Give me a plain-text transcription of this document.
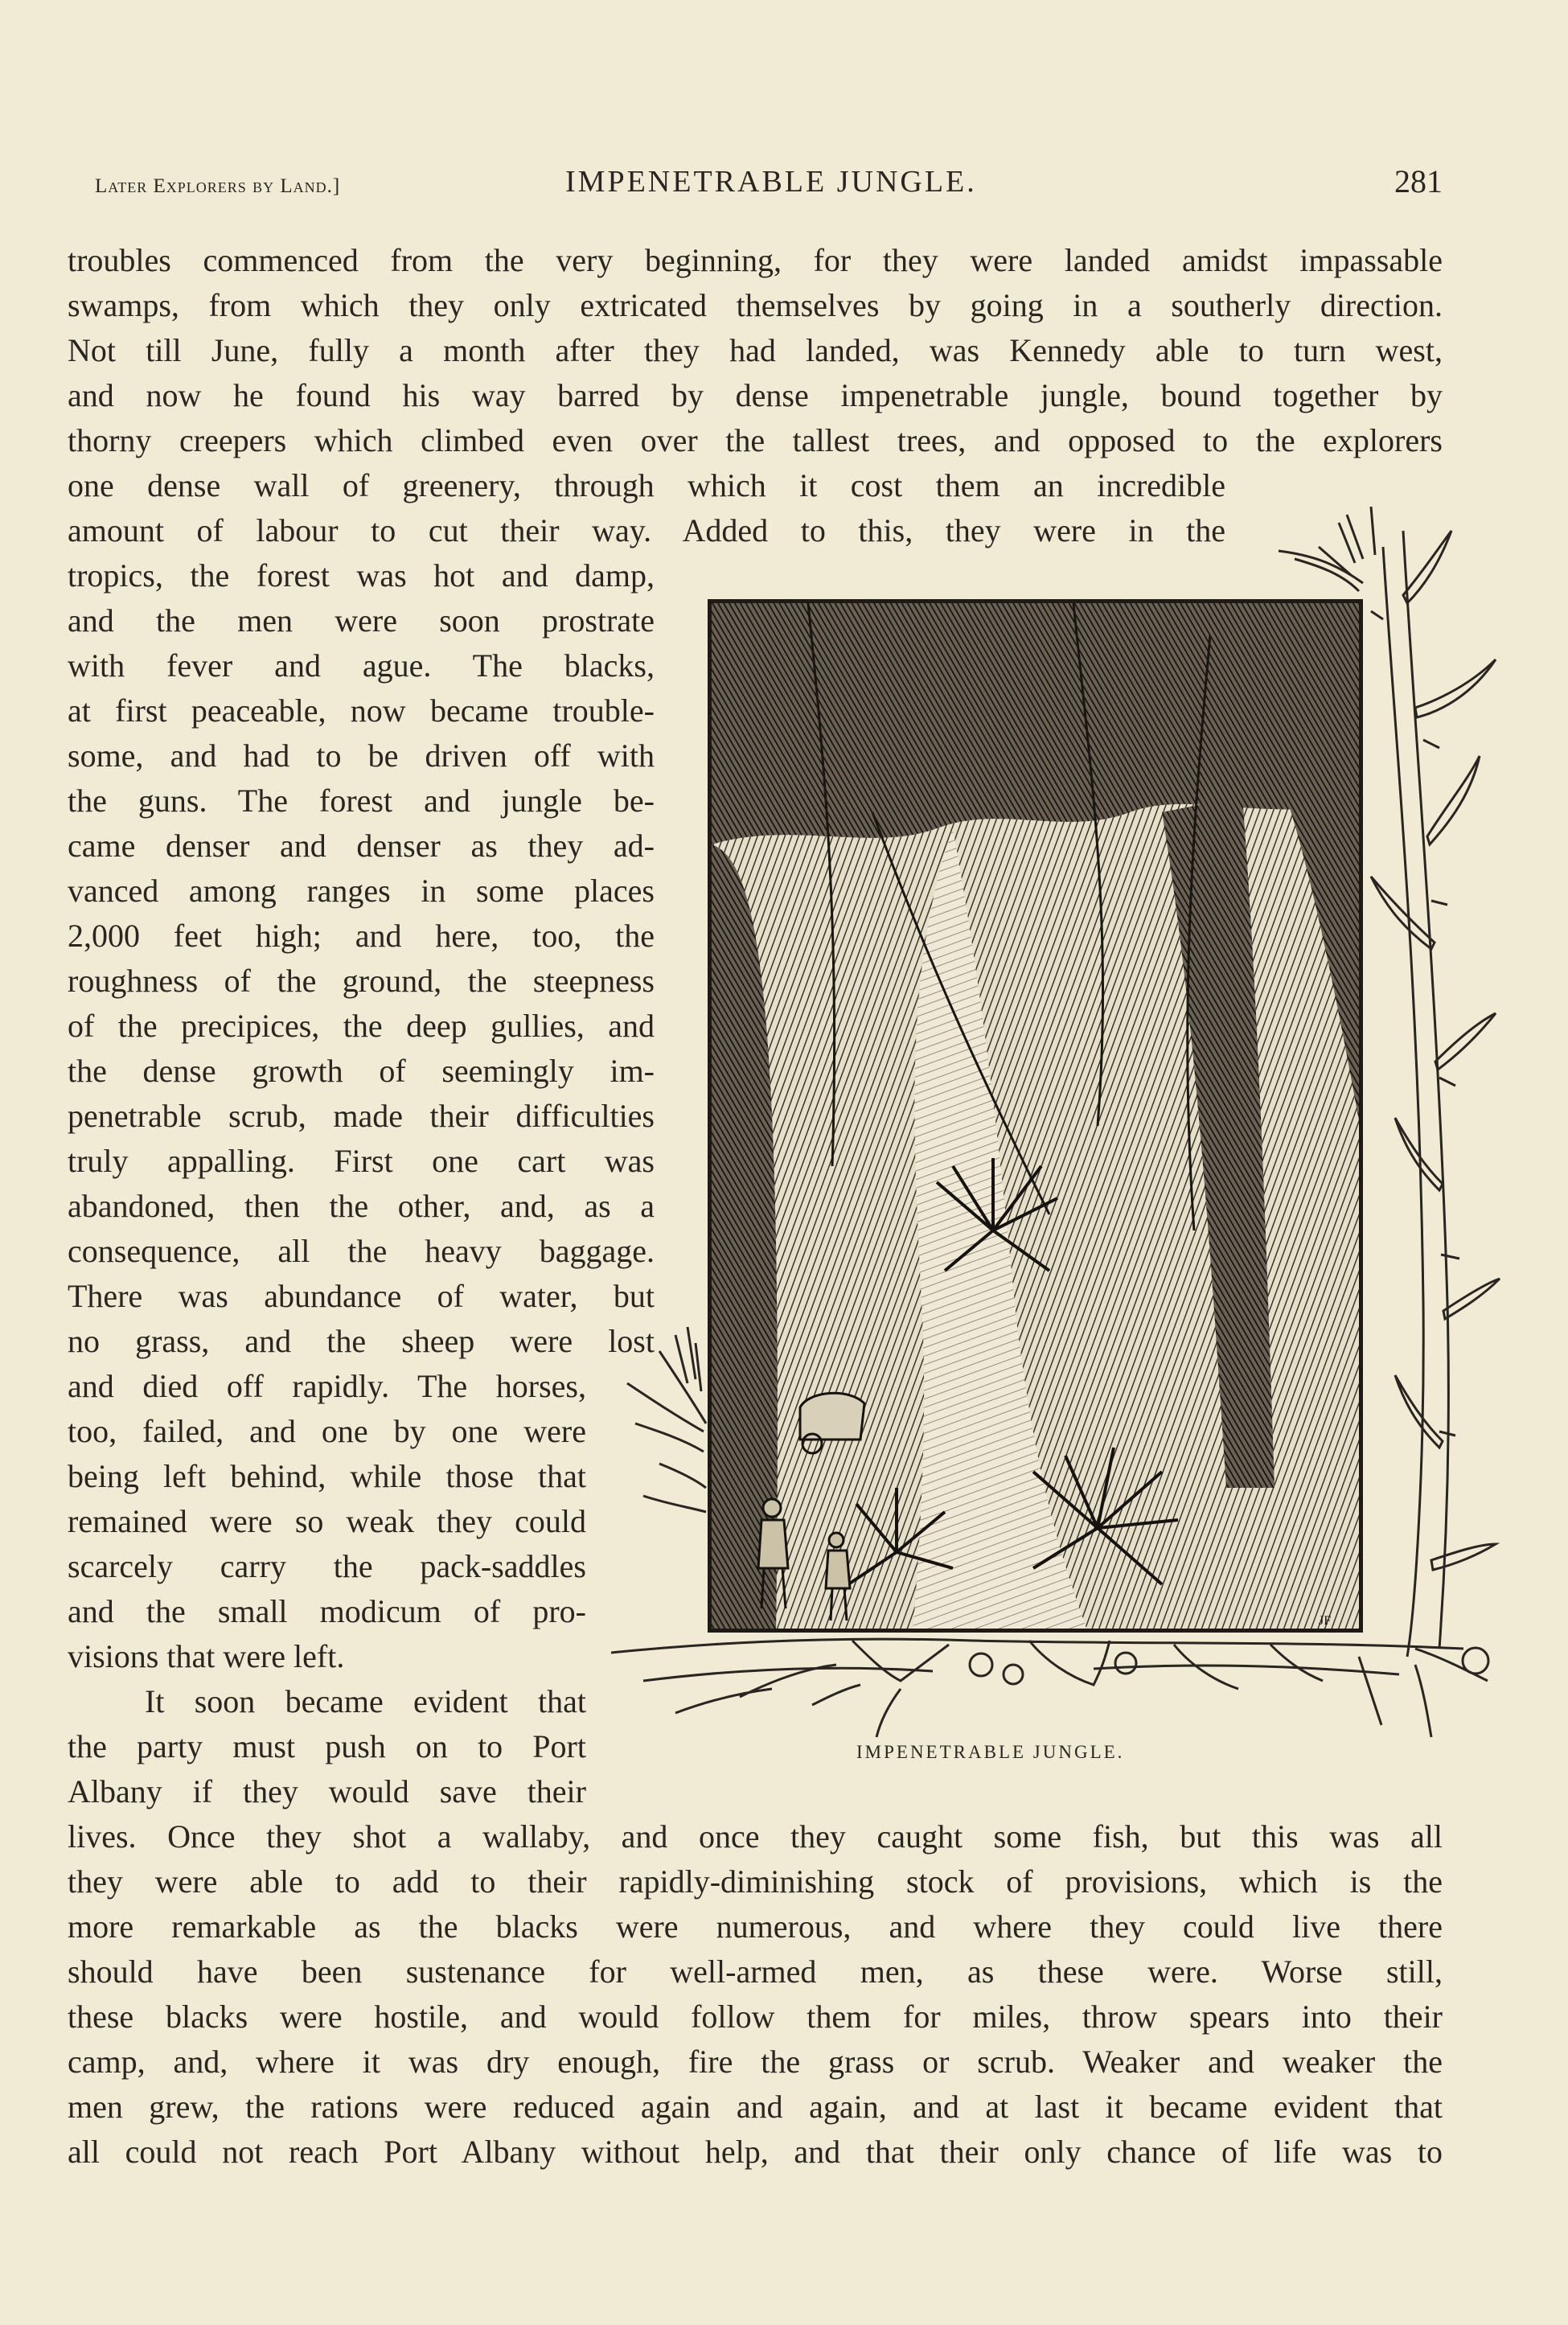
Later Explorers by Land.]	IMPENETRABLE JUNGLE.	281
troubles commenced from the very beginning, for they were landed amidst impassable
swamps, from which they only extricated themselves by going in a southerly direction.
Not till June, fully a month after they had landed, was Kennedy able to turn west,
and now he found his way barred by dense impenetrable jungle, bound together by
thorny creepers which climbed even over the tallest trees, and opposed to the explorers
one dense wall of greenery, through which it cost them an incredible
amount of labour to cut their way. Added to this, they were in the
tropics, the forest was hot and damp,
and the men were soon prostrate
with fever and ague. The blacks,
at first peaceable, now became trouble-
some, and had to be driven off with
the guns. The forest and jungle be-
came denser and denser as they ad-
vanced among ranges in some places
2,000 feet high; and here, too, the
roughness of the ground, the steepness
of the precipices, the deep gullies, and
the dense growth of seemingly im-
penetrable scrub, made their difficulties
truly appalling. First one cart was
abandoned, then the other, and, as a
consequence, all the heavy baggage.
There was abundance of water, but
no grass, and the sheep were lost
and died off rapidly. The horses,
too, failed, and one by one were
being left behind, while those that
remained were so weak they could
scarcely carry the pack-saddles
and the small modicum of pro-
visions that were left.
It soon became evident that
the party must push on to Port
Albany if they would save their
lives. Once they shot a wallaby, and once they caught some fish, but this was all
they were able to add to their rapidly-diminishing stock of provisions, which is the
more remarkable as the blacks were numerous, and where they could live there
should have been sustenance for well-armed men, as these were. Worse still,
these blacks were hostile, and would follow them for miles, throw spears into their
camp, and, where it was dry enough, fire the grass or scrub. Weaker and weaker the
men grew, the rations were reduced again and again, and at last it became evident that
all could not reach Port Albany without help, and that their only chance of life was to
JF
IMPENETRABLE JUNGLE.
